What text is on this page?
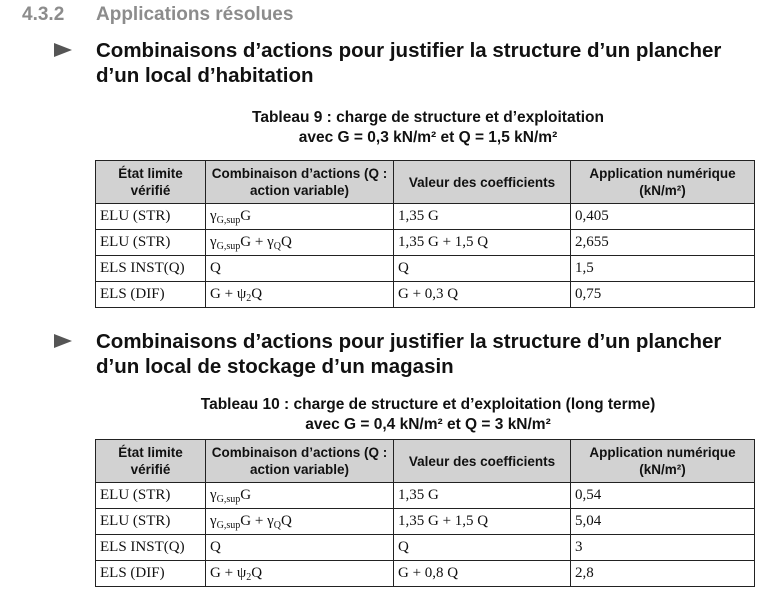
4.3.2 Applications résolues
Combinaisons d’actions pour justifier la structure d’un plancher
d’un local d’habitation
Tableau 9 : charge de structure et d’exploitation
avec G = 0,3 kN/m² et Q = 1,5 kN/m²
État limite vérifié	Combinaison d’actions (Q : action variable)	Valeur des coefficients	Application numérique (kN/m²)
ELU (STR)	$\gamma_{G,sup}G$	1,35 G	0,405
ELU (STR)	$\gamma_{G,sup}G + \gamma_QQ$	1,35 G + 1,5 Q	2,655
ELS INST(Q)	Q	Q	1,5
ELS (DIF)	$G + \psi_2Q$	G + 0,3 Q	0,75
Combinaisons d’actions pour justifier la structure d’un plancher
d’un local de stockage d’un magasin
Tableau 10 : charge de structure et d’exploitation (long terme)
avec G = 0,4 kN/m² et Q = 3 kN/m²
État limite vérifié	Combinaison d’actions (Q : action variable)	Valeur des coefficients	Application numérique (kN/m²)
ELU (STR)	$\gamma_{G,sup}G$	1,35 G	0,54
ELU (STR)	$\gamma_{G,sup}G + \gamma_QQ$	1,35 G + 1,5 Q	5,04
ELS INST(Q)	Q	Q	3
ELS (DIF)	$G + \psi_2Q$	G + 0,8 Q	2,8
